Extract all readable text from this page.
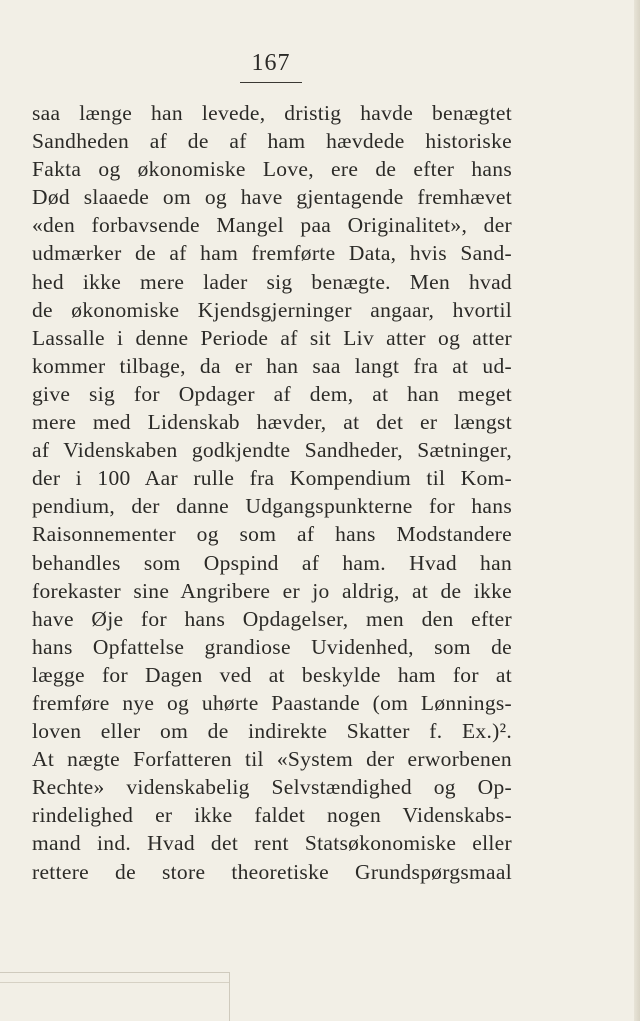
167
saa længe han levede, dristig havde benægtet
Sandheden af de af ham hævdede historiske
Fakta og økonomiske Love, ere de efter hans
Død slaaede om og have gjentagende fremhævet
«den forbavsende Mangel paa Originalitet», der
udmærker de af ham fremførte Data, hvis Sand-
hed ikke mere lader sig benægte. Men hvad
de økonomiske Kjendsgjerninger angaar, hvortil
Lassalle i denne Periode af sit Liv atter og atter
kommer tilbage, da er han saa langt fra at ud-
give sig for Opdager af dem, at han meget
mere med Lidenskab hævder, at det er længst
af Videnskaben godkjendte Sandheder, Sætninger,
der i 100 Aar rulle fra Kompendium til Kom-
pendium, der danne Udgangspunkterne for hans
Raisonnementer og som af hans Modstandere
behandles som Opspind af ham. Hvad han
forekaster sine Angribere er jo aldrig, at de ikke
have Øje for hans Opdagelser, men den efter
hans Opfattelse grandiose Uvidenhed, som de
lægge for Dagen ved at beskylde ham for at
fremføre nye og uhørte Paastande (om Lønnings-
loven eller om de indirekte Skatter f. Ex.)².
At nægte Forfatteren til «System der erworbenen
Rechte» videnskabelig Selvstændighed og Op-
rindelighed er ikke faldet nogen Videnskabs-
mand ind. Hvad det rent Statsøkonomiske eller
rettere de store theoretiske Grundspørgsmaal
